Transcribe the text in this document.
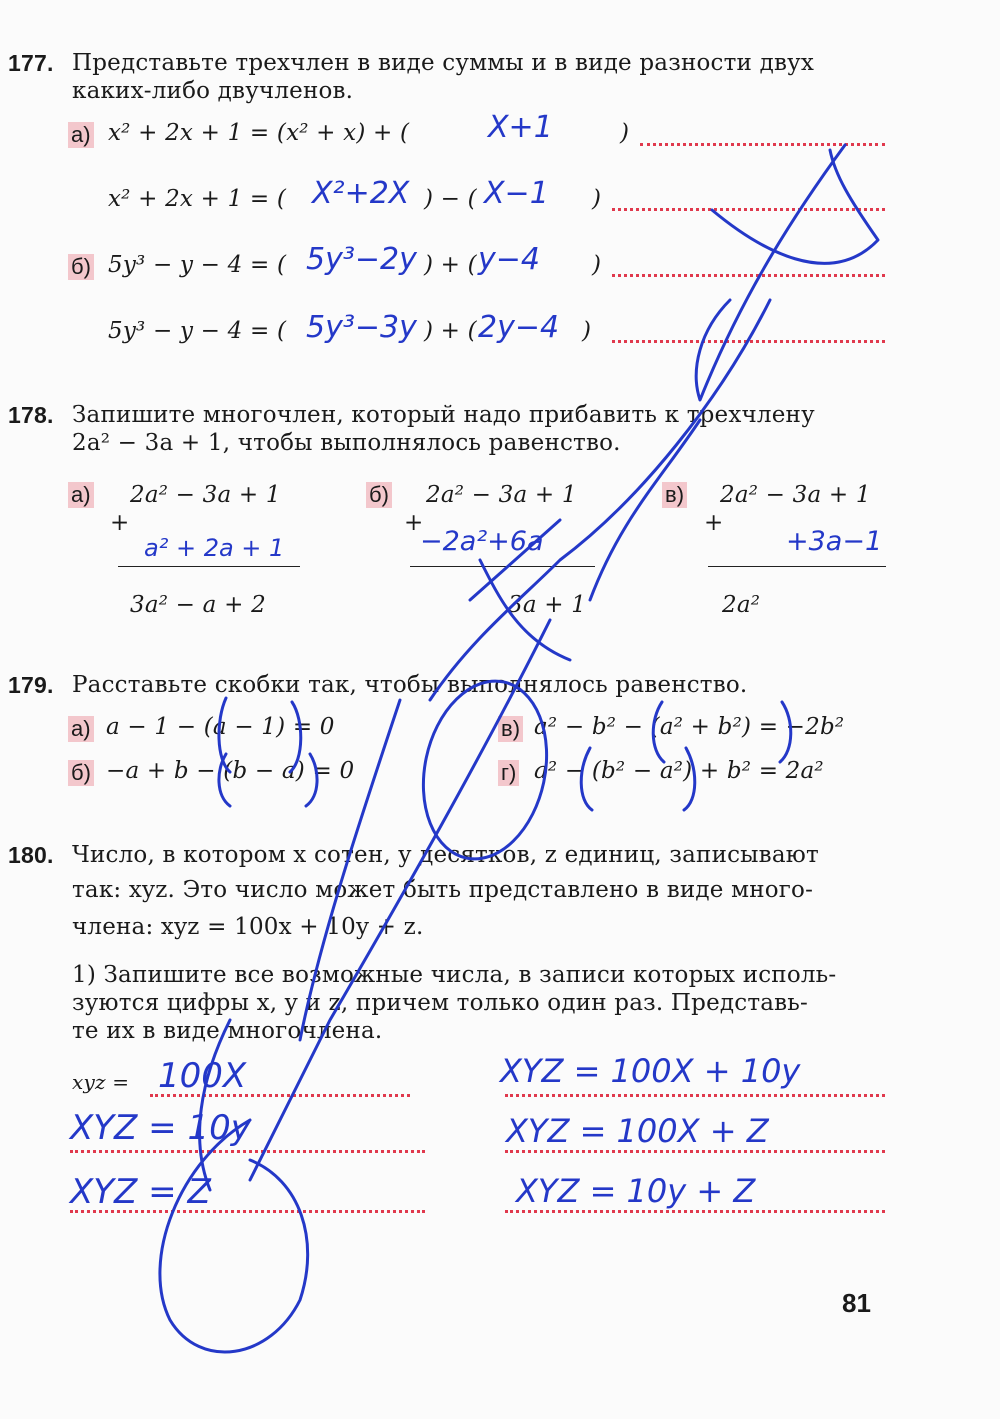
177. Представьте трехчлен в виде суммы и в виде разности двух
каких-либо двучленов.
а) x² + 2x + 1 = (x² + x) + (	X+1	)
x² + 2x + 1 = ( X²+2X ) − ( X−1 )
б) 5y³ − y − 4 = ( 5y³−2y ) + ( y−4 )
5y³ − y − 4 = ( 5y³−3y ) + ( 2y−4 )
178. Запишите многочлен, который надо прибавить к трехчлену
2a² − 3a + 1, чтобы выполнялось равенство.
а) 2a² − 3a + 1
+
a² + 2a + 1
3a² − a + 2
б) 2a² − 3a + 1
+
−2a²+6a
3a + 1
в) 2a² − 3a + 1
+
+3a−1
2a²
179. Расставьте скобки так, чтобы выполнялось равенство.
а) a − 1 − (a − 1) = 0
б) −a + b − (b − a) = 0
в) a² − b² − (a² + b²) = −2b²
г) a² − (b² − a²) + b² = 2a²
180. Число, в котором x сотен, y десятков, z единиц, записывают
так: xyz. Это число может быть представлено в виде много-
члена: xyz = 100x + 10y + z.
1) Запишите все возможные числа, в записи которых исполь-
зуются цифры x, y и z, причем только один раз. Представь-
те их в виде многочлена.
xyz = 100X
XYZ = 10y
XYZ = Z
XYZ = 100X + 10y
XYZ = 100X + Z
XYZ = 10y + Z
81
